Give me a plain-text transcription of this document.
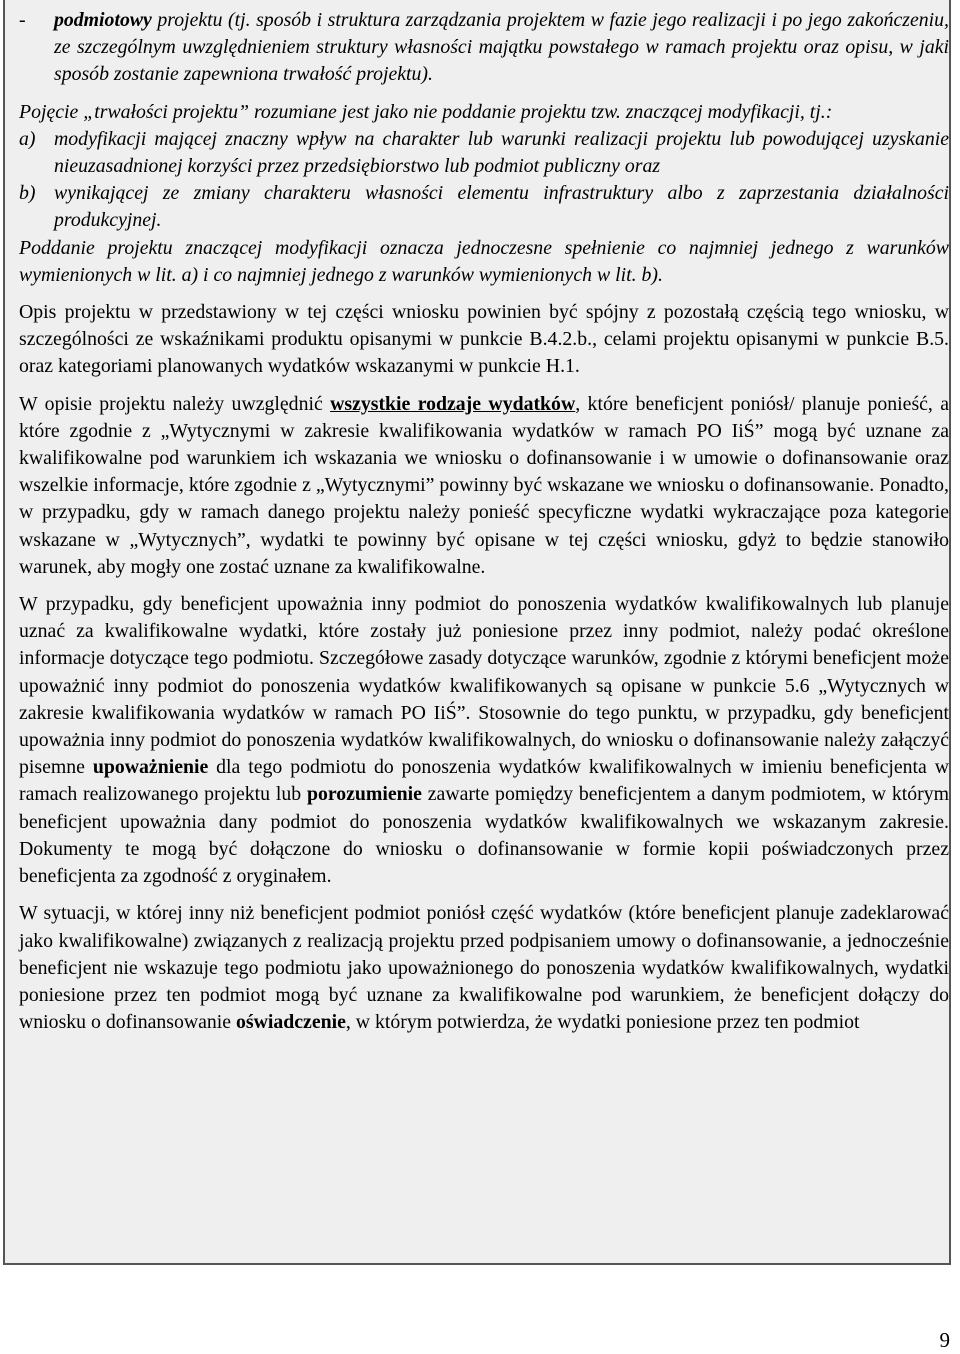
- podmiotowy projektu (tj. sposób i struktura zarządzania projektem w fazie jego realizacji i po jego zakończeniu, ze szczególnym uwzględnieniem struktury własności majątku powstałego w ramach projektu oraz opisu, w jaki sposób zostanie zapewniona trwałość projektu).

Pojęcie „trwałości projektu” rozumiane jest jako nie poddanie projektu tzw. znaczącej modyfikacji, tj.:

a) modyfikacji mającej znaczny wpływ na charakter lub warunki realizacji projektu lub powodującej uzyskanie nieuzasadnionej korzyści przez przedsiębiorstwo lub podmiot publiczny oraz

b) wynikającej ze zmiany charakteru własności elementu infrastruktury albo z zaprzestania działalności produkcyjnej.

Poddanie projektu znaczącej modyfikacji oznacza jednoczesne spełnienie co najmniej jednego z warunków wymienionych w lit. a) i co najmniej jednego z warunków wymienionych w lit. b).

Opis projektu w przedstawiony w tej części wniosku powinien być spójny z pozostałą częścią tego wniosku, w szczególności ze wskaźnikami produktu opisanymi w punkcie B.4.2.b., celami projektu opisanymi w punkcie B.5. oraz kategoriami planowanych wydatków wskazanymi w punkcie H.1.

W opisie projektu należy uwzględnić wszystkie rodzaje wydatków, które beneficjent poniósł/ planuje ponieść, a które zgodnie z „Wytycznymi w zakresie kwalifikowania wydatków w ramach PO IiŚ” mogą być uznane za kwalifikowalne pod warunkiem ich wskazania we wniosku o dofinansowanie i w umowie o dofinansowanie oraz wszelkie informacje, które zgodnie z „Wytycznymi” powinny być wskazane we wniosku o dofinansowanie. Ponadto, w przypadku, gdy w ramach danego projektu należy ponieść specyficzne wydatki wykraczające poza kategorie wskazane w „Wytycznych”, wydatki te powinny być opisane w tej części wniosku, gdyż to będzie stanowiło warunek, aby mogły one zostać uznane za kwalifikowalne.

W przypadku, gdy beneficjent upoważnia inny podmiot do ponoszenia wydatków kwalifikowalnych lub planuje uznać za kwalifikowalne wydatki, które zostały już poniesione przez inny podmiot, należy podać określone informacje dotyczące tego podmiotu. Szczegółowe zasady dotyczące warunków, zgodnie z którymi beneficjent może upoważnić inny podmiot do ponoszenia wydatków kwalifikowanych są opisane w punkcie 5.6 „Wytycznych w zakresie kwalifikowania wydatków w ramach PO IiŚ”. Stosownie do tego punktu, w przypadku, gdy beneficjent upoważnia inny podmiot do ponoszenia wydatków kwalifikowalnych, do wniosku o dofinansowanie należy załączyć pisemne upoważnienie dla tego podmiotu do ponoszenia wydatków kwalifikowalnych w imieniu beneficjenta w ramach realizowanego projektu lub porozumienie zawarte pomiędzy beneficjentem a danym podmiotem, w którym beneficjent upoważnia dany podmiot do ponoszenia wydatków kwalifikowalnych we wskazanym zakresie. Dokumenty te mogą być dołączone do wniosku o dofinansowanie w formie kopii poświadczonych przez beneficjenta za zgodność z oryginałem.

W sytuacji, w której inny niż beneficjent podmiot poniósł część wydatków (które beneficjent planuje zadeklarować jako kwalifikowalne) związanych z realizacją projektu przed podpisaniem umowy o dofinansowanie, a jednocześnie beneficjent nie wskazuje tego podmiotu jako upoważnionego do ponoszenia wydatków kwalifikowalnych, wydatki poniesione przez ten podmiot mogą być uznane za kwalifikowalne pod warunkiem, że beneficjent dołączy do wniosku o dofinansowanie oświadczenie, w którym potwierdza, że wydatki poniesione przez ten podmiot

9
